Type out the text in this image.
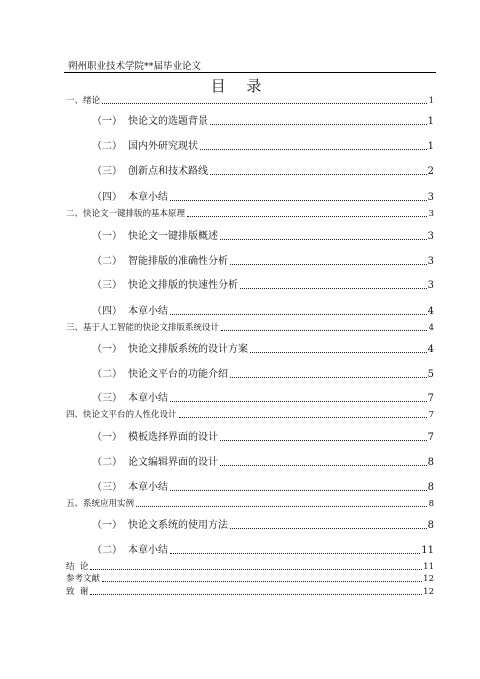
朔州职业技术学院**届毕业论文
目 录
一、 绪论	1
（一） 快论文的选题背景	1
（二） 国内外研究现状	1
（三） 创新点和技术路线	2
（四） 本章小结	3
二、 快论文一键排版的基本原理	3
（一） 快论文一键排版概述	3
（二） 智能排版的准确性分析	3
（三） 快论文排版的快速性分析	3
（四） 本章小结	4
三、 基于人工智能的快论文排版系统设计	4
（一） 快论文排版系统的设计方案	4
（二） 快论文平台的功能介绍	5
（三） 本章小结	7
四、 快论文平台的人性化设计	7
（一） 模板选择界面的设计	7
（二） 论文编辑界面的设计	8
（三） 本章小结	8
五、 系统应用实例	8
（一） 快论文系统的使用方法	8
（二） 本章小结	11
结  论	11
参考文献	12
致  谢	12
